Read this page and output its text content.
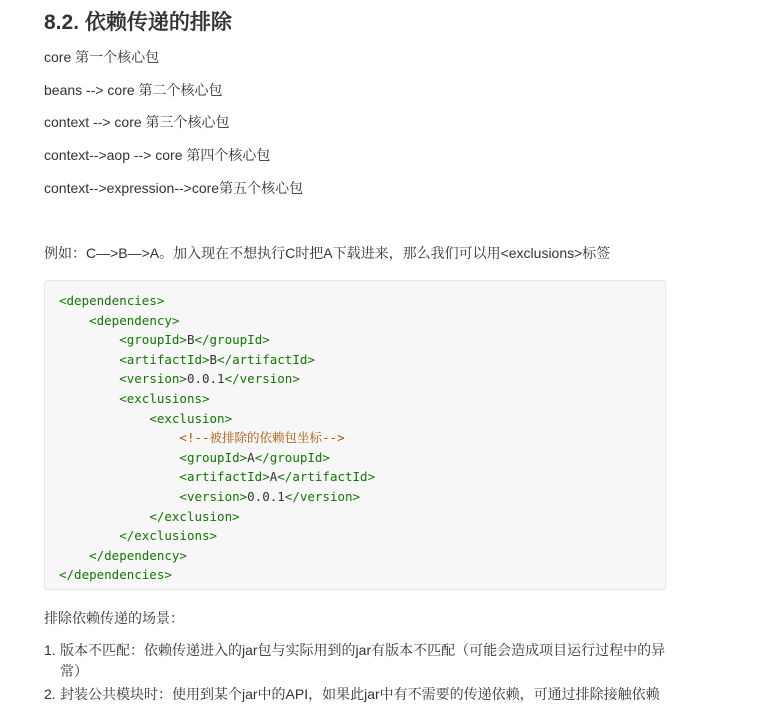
8.2. 依赖传递的排除
core 第一个核心包
beans --> core 第二个核心包
context --> core 第三个核心包
context-->aop --> core 第四个核心包
context-->expression-->core第五个核心包
例如：C—>B—>A。加入现在不想执行C时把A下载进来，那么我们可以用<exclusions>标签
<dependencies>
<dependency>
<groupId>B</groupId>
<artifactId>B</artifactId>
<version>0.0.1</version>
<exclusions>
<exclusion>
<!--被排除的依赖包坐标-->
<groupId>A</groupId>
<artifactId>A</artifactId>
<version>0.0.1</version>
</exclusion>
</exclusions>
</dependency>
</dependencies>
排除依赖传递的场景：
1. 版本不匹配：依赖传递进入的jar包与实际用到的jar有版本不匹配（可能会造成项目运行过程中的异常）
2. 封装公共模块时：使用到某个jar中的API，如果此jar中有不需要的传递依赖，可通过排除接触依赖
